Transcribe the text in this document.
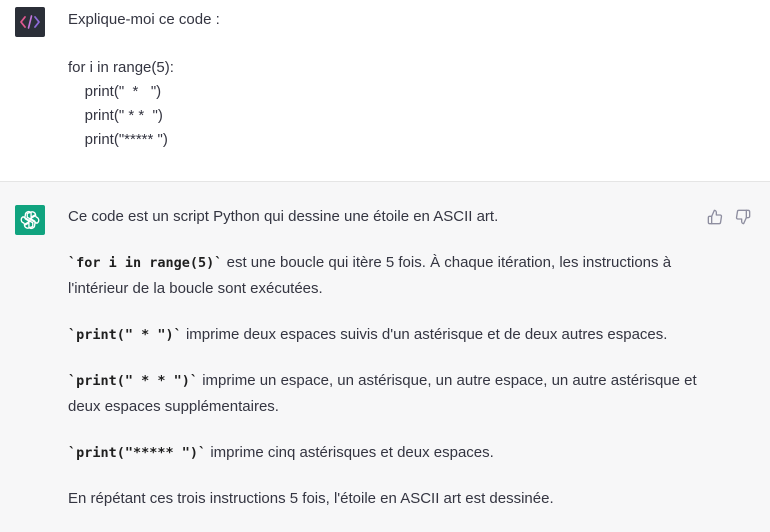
Explique-moi ce code :

for i in range(5):
print("  *   ")
print(" * *  ")
print("***** ")

Ce code est un script Python qui dessine une étoile en ASCII art.

`for i in range(5)` est une boucle qui itère 5 fois. À chaque itération, les instructions à l'intérieur de la boucle sont exécutées.

`print(" * ")` imprime deux espaces suivis d'un astérisque et de deux autres espaces.

`print(" * * ")` imprime un espace, un astérisque, un autre espace, un autre astérisque et deux espaces supplémentaires.

`print("***** ")` imprime cinq astérisques et deux espaces.

En répétant ces trois instructions 5 fois, l'étoile en ASCII art est dessinée.
